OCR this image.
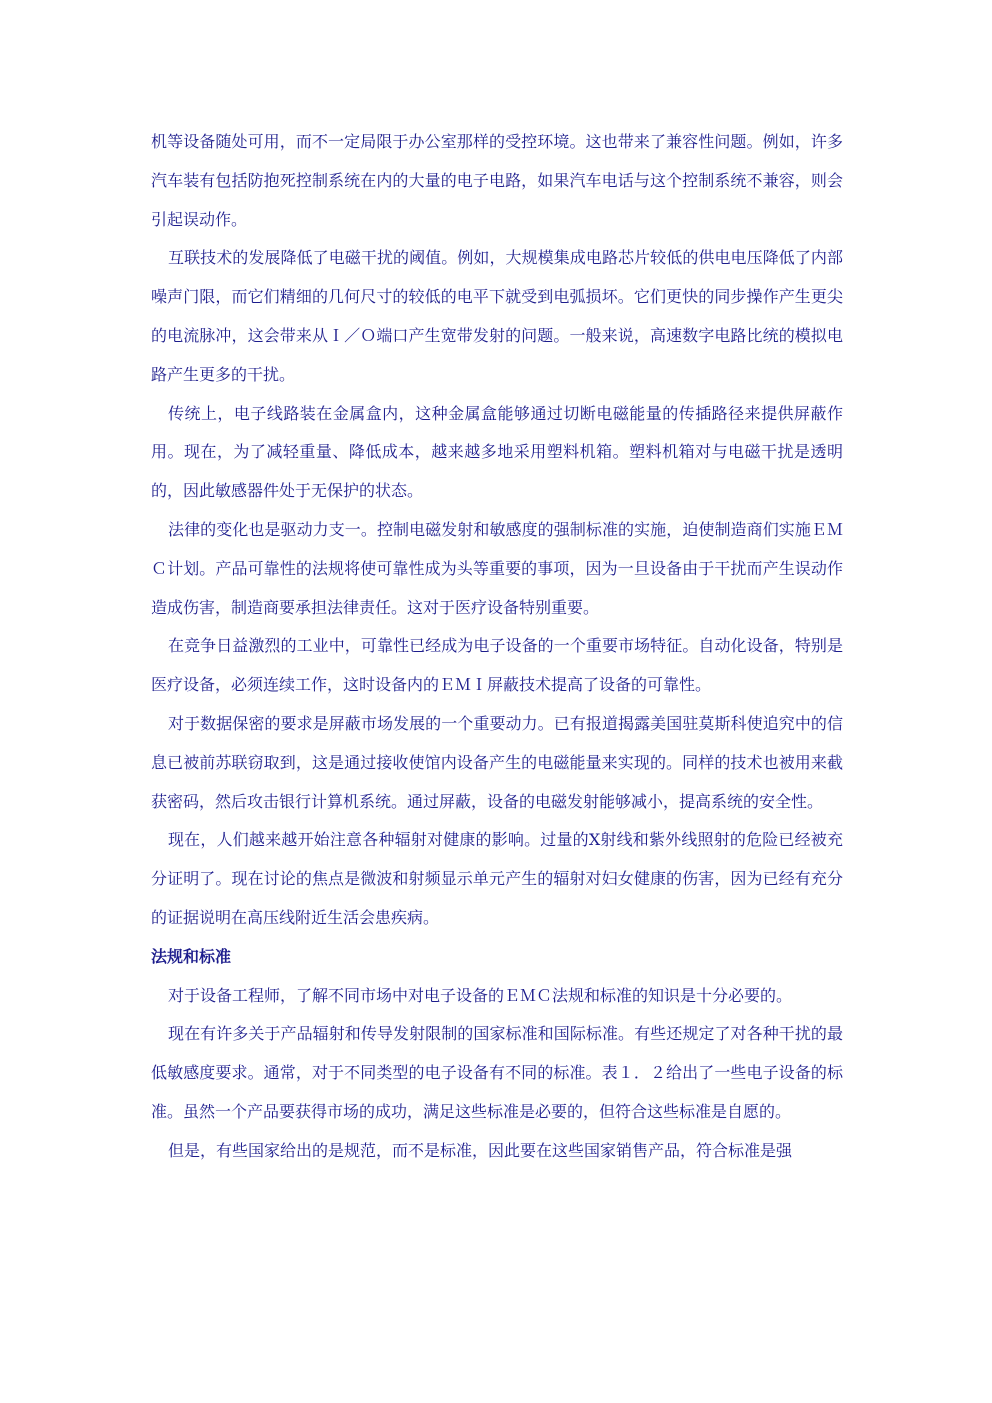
机等设备随处可用，而不一定局限于办公室那样的受控环境。这也带来了兼容性问题。例如，许多汽车装有包括防抱死控制系统在内的大量的电子电路，如果汽车电话与这个控制系统不兼容，则会引起误动作。

互联技术的发展降低了电磁干扰的阈值。例如，大规模集成电路芯片较低的供电电压降低了内部噪声门限，而它们精细的几何尺寸的较低的电平下就受到电弧损坏。它们更快的同步操作产生更尖的电流脉冲，这会带来从Ｉ／Ｏ端口产生宽带发射的问题。一般来说，高速数字电路比统的模拟电路产生更多的干扰。

传统上，电子线路装在金属盒内，这种金属盒能够通过切断电磁能量的传插路径来提供屏蔽作用。现在，为了减轻重量、降低成本，越来越多地采用塑料机箱。塑料机箱对与电磁干扰是透明的，因此敏感器件处于无保护的状态。

法律的变化也是驱动力支一。控制电磁发射和敏感度的强制标准的实施，迫使制造商们实施ＥＭＣ计划。产品可靠性的法规将使可靠性成为头等重要的事项，因为一旦设备由于干扰而产生误动作造成伤害，制造商要承担法律责任。这对于医疗设备特别重要。

在竞争日益激烈的工业中，可靠性已经成为电子设备的一个重要市场特征。自动化设备，特别是医疗设备，必须连续工作，这时设备内的ＥＭＩ屏蔽技术提高了设备的可靠性。

对于数据保密的要求是屏蔽市场发展的一个重要动力。已有报道揭露美国驻莫斯科使追究中的信息已被前苏联窃取到，这是通过接收使馆内设备产生的电磁能量来实现的。同样的技术也被用来截获密码，然后攻击银行计算机系统。通过屏蔽，设备的电磁发射能够减小，提高系统的安全性。

现在，人们越来越开始注意各种辐射对健康的影响。过量的X射线和紫外线照射的危险已经被充分证明了。现在讨论的焦点是微波和射频显示单元产生的辐射对妇女健康的伤害，因为已经有充分的证据说明在高压线附近生活会患疾病。

法规和标准

对于设备工程师，了解不同市场中对电子设备的ＥＭＣ法规和标准的知识是十分必要的。

现在有许多关于产品辐射和传导发射限制的国家标准和国际标准。有些还规定了对各种干扰的最低敏感度要求。通常，对于不同类型的电子设备有不同的标准。表１．２给出了一些电子设备的标准。虽然一个产品要获得市场的成功，满足这些标准是必要的，但符合这些标准是自愿的。

但是，有些国家给出的是规范，而不是标准，因此要在这些国家销售产品，符合标准是强
